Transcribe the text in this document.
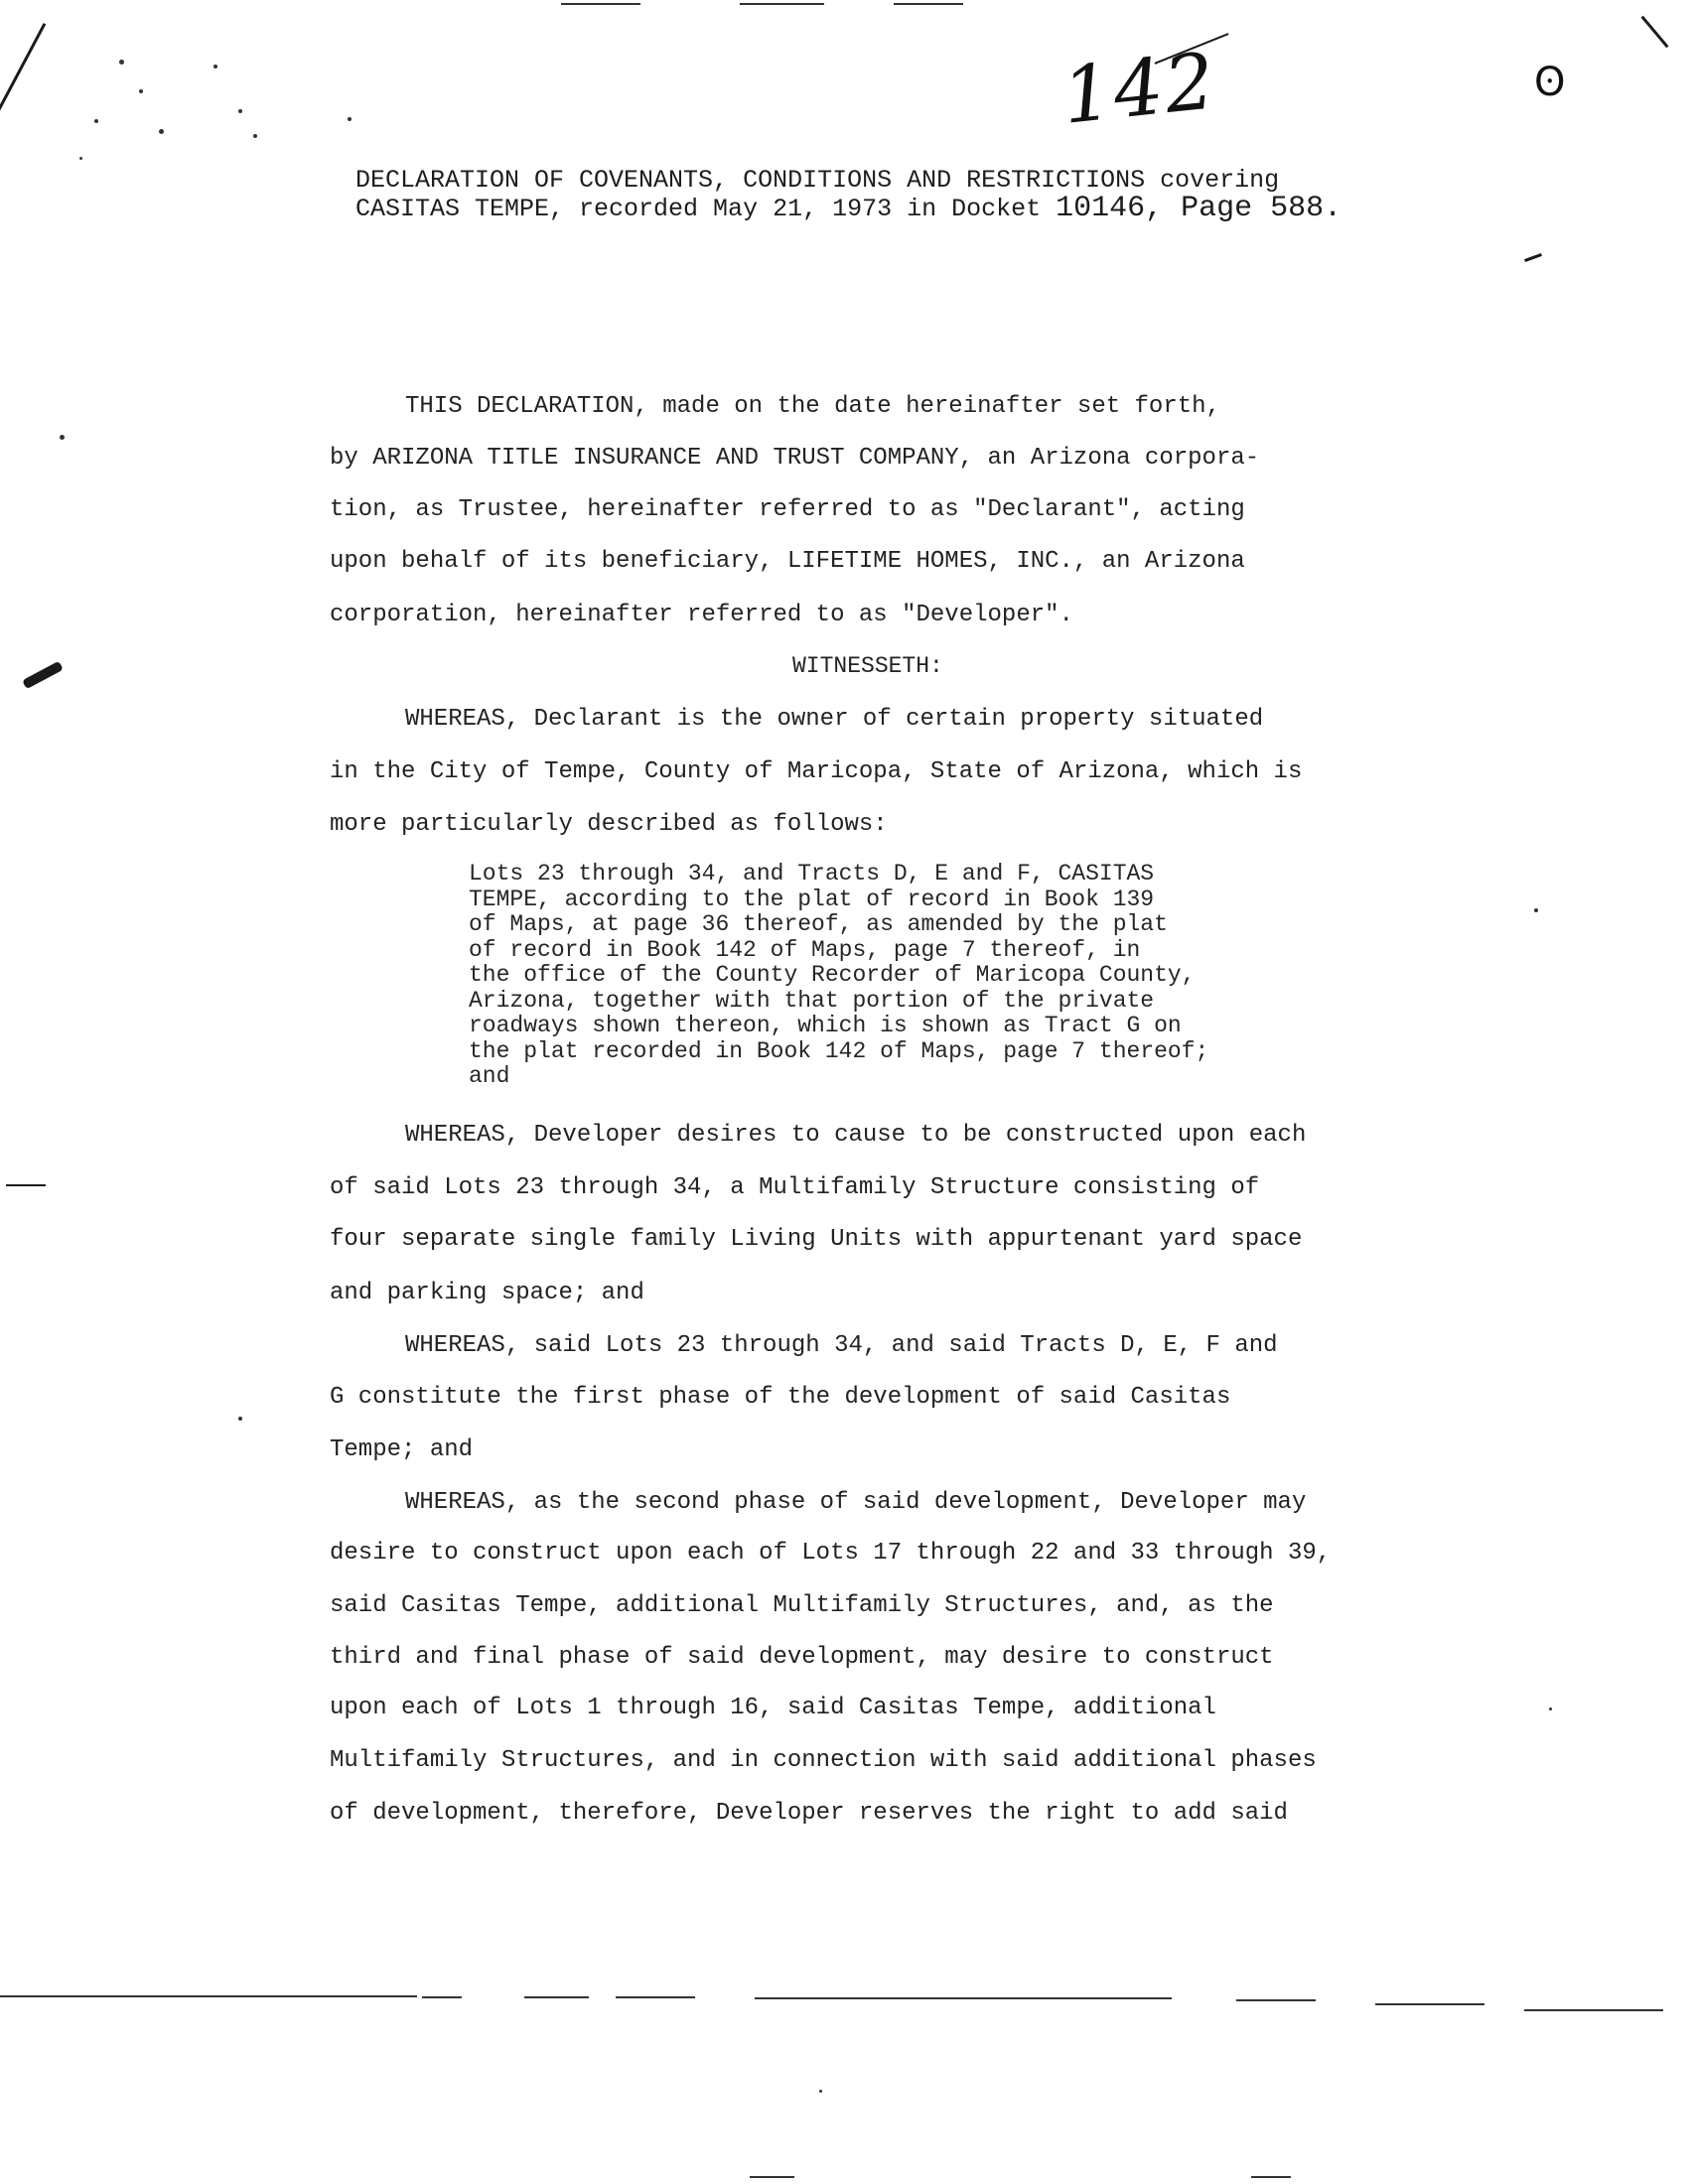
142	ʘ
DECLARATION OF COVENANTS, CONDITIONS AND RESTRICTIONS covering
CASITAS TEMPE, recorded May 21, 1973 in Docket 10146, Page 588.
THIS DECLARATION, made on the date hereinafter set forth,
by ARIZONA TITLE INSURANCE AND TRUST COMPANY, an Arizona corpora-
tion, as Trustee, hereinafter referred to as "Declarant", acting
upon behalf of its beneficiary, LIFETIME HOMES, INC., an Arizona
corporation, hereinafter referred to as "Developer".
WITNESSETH:
WHEREAS, Declarant is the owner of certain property situated
in the City of Tempe, County of Maricopa, State of Arizona, which is
more particularly described as follows:
Lots 23 through 34, and Tracts D, E and F, CASITAS
TEMPE, according to the plat of record in Book 139
of Maps, at page 36 thereof, as amended by the plat
of record in Book 142 of Maps, page 7 thereof, in
the office of the County Recorder of Maricopa County,
Arizona, together with that portion of the private
roadways shown thereon, which is shown as Tract G on
the plat recorded in Book 142 of Maps, page 7 thereof;
and
WHEREAS, Developer desires to cause to be constructed upon each
of said Lots 23 through 34, a Multifamily Structure consisting of
four separate single family Living Units with appurtenant yard space
and parking space; and
WHEREAS, said Lots 23 through 34, and said Tracts D, E, F and
G constitute the first phase of the development of said Casitas
Tempe; and
WHEREAS, as the second phase of said development, Developer may
desire to construct upon each of Lots 17 through 22 and 33 through 39,
said Casitas Tempe, additional Multifamily Structures, and, as the
third and final phase of said development, may desire to construct
upon each of Lots 1 through 16, said Casitas Tempe, additional
Multifamily Structures, and in connection with said additional phases
of development, therefore, Developer reserves the right to add said
